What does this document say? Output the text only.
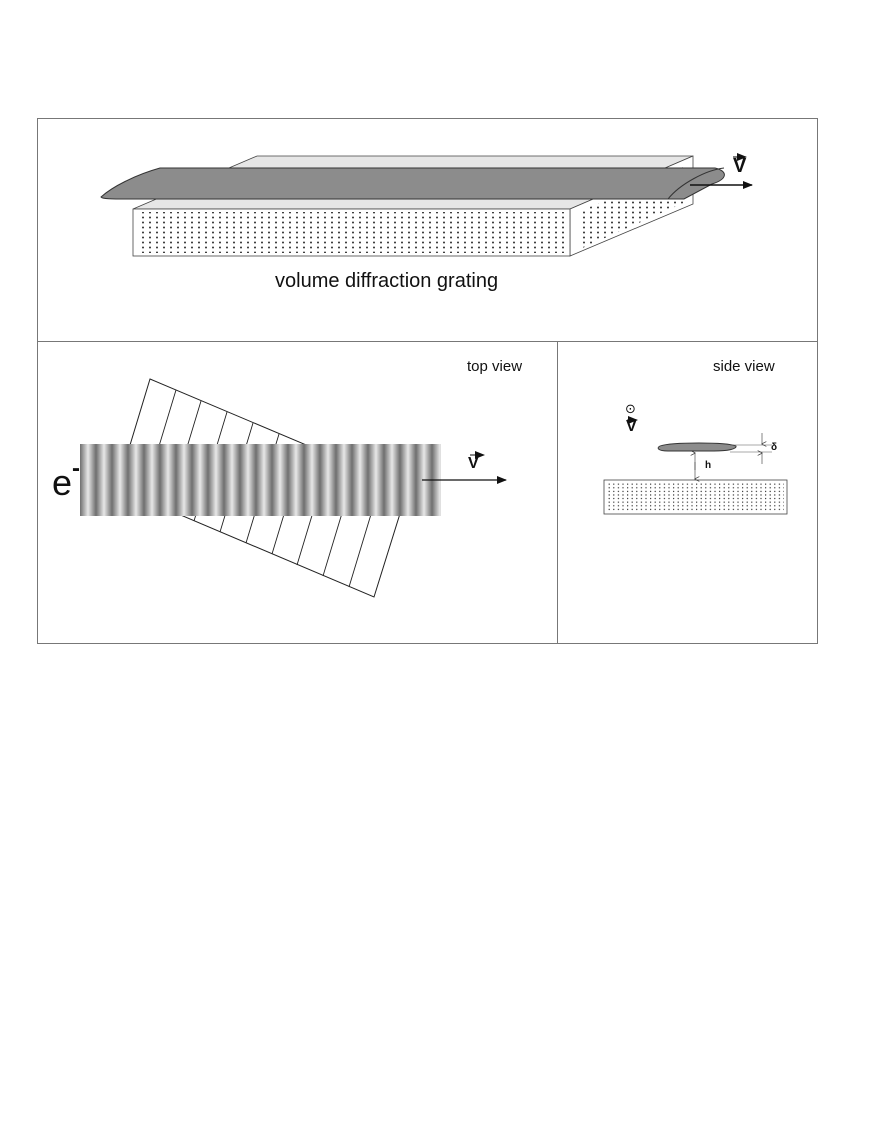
volume diffraction grating
V
top view
e -	V
side view
⊙
V
δ
h
